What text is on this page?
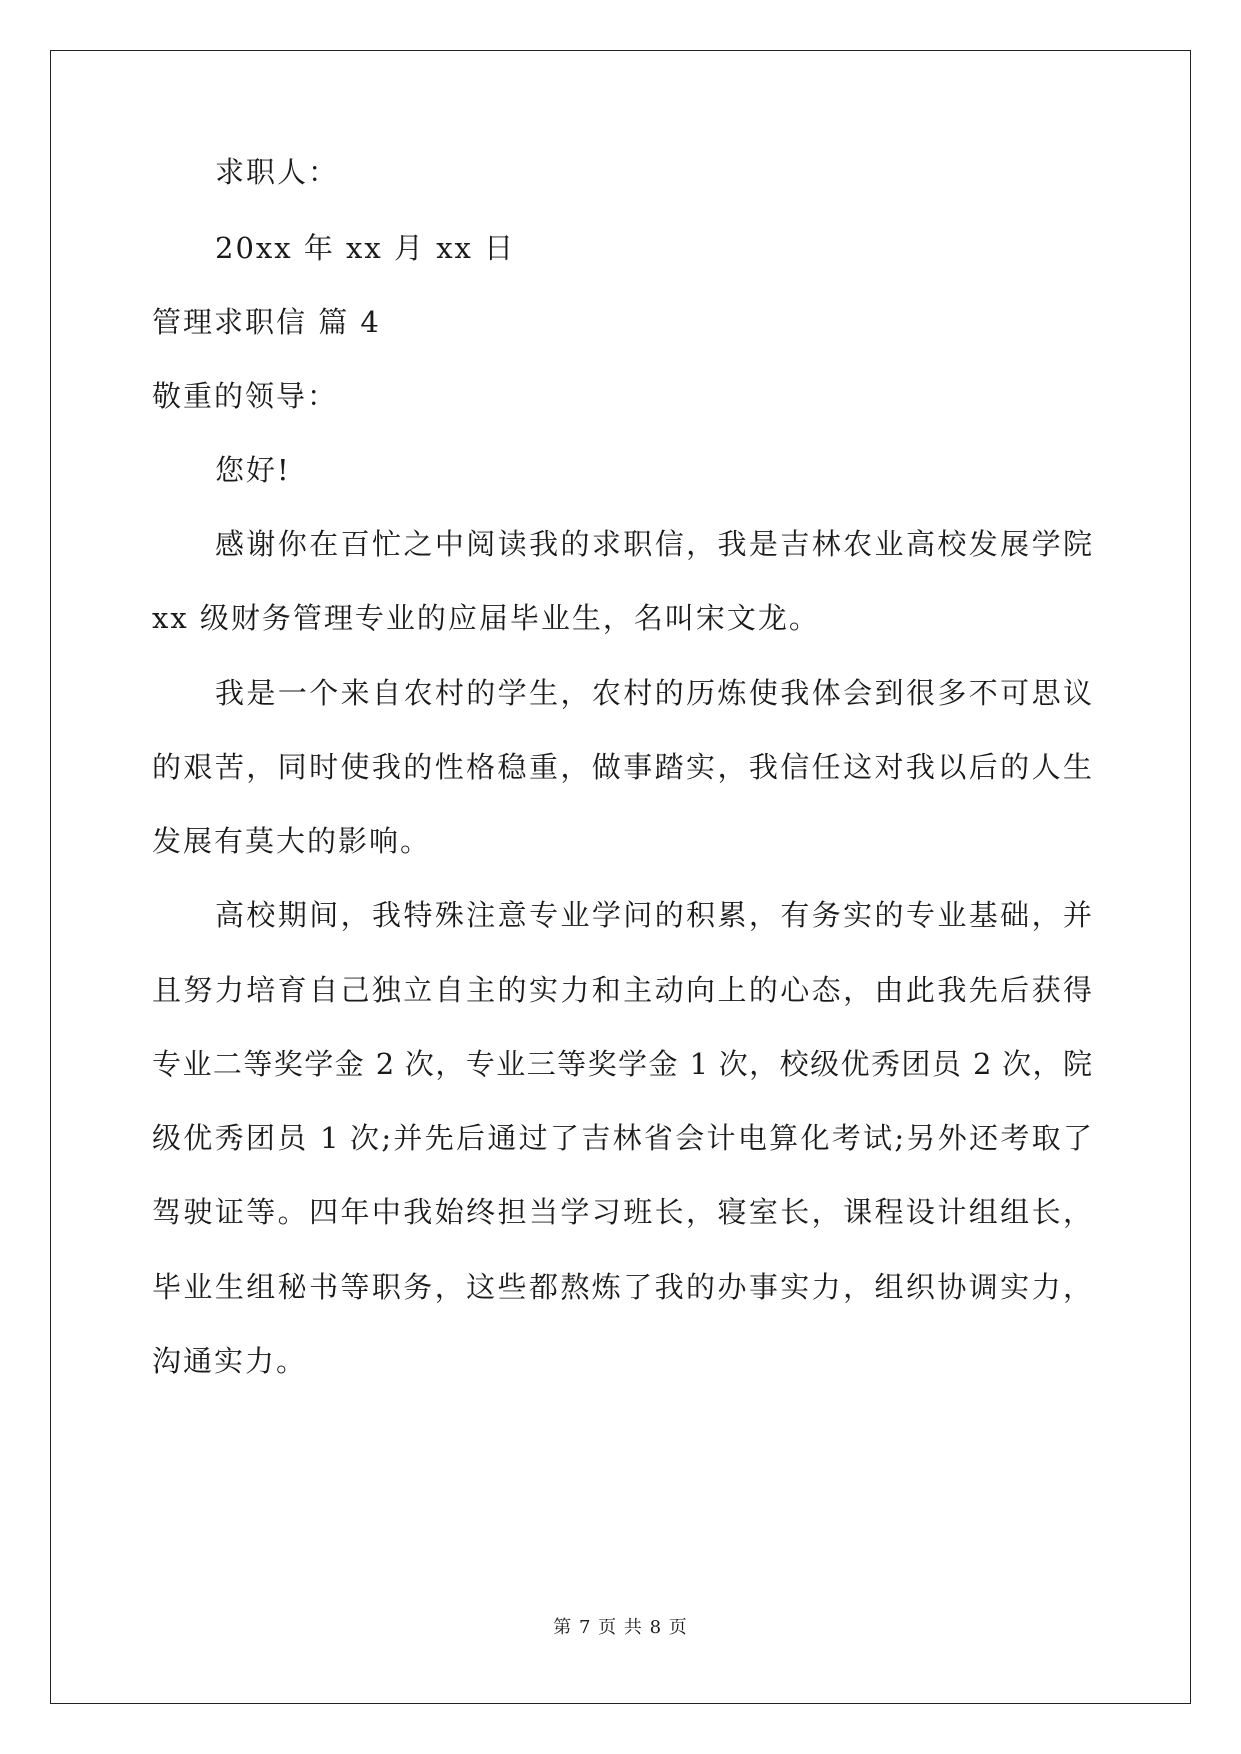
求职人：
20xx 年 xx 月 xx 日
管理求职信 篇 4
敬重的领导：
您好!
感谢你在百忙之中阅读我的求职信，我是吉林农业高校发展学院
xx 级财务管理专业的应届毕业生，名叫宋文龙。
我是一个来自农村的学生，农村的历炼使我体会到很多不可思议
的艰苦，同时使我的性格稳重，做事踏实，我信任这对我以后的人生
发展有莫大的影响。
高校期间，我特殊注意专业学问的积累，有务实的专业基础，并
且努力培育自己独立自主的实力和主动向上的心态，由此我先后获得
专业二等奖学金 2 次，专业三等奖学金 1 次，校级优秀团员 2 次，院
级优秀团员 1 次;并先后通过了吉林省会计电算化考试;另外还考取了
驾驶证等。四年中我始终担当学习班长，寝室长，课程设计组组长，
毕业生组秘书等职务，这些都熬炼了我的办事实力，组织协调实力，
沟通实力。
第 7 页 共 8 页
